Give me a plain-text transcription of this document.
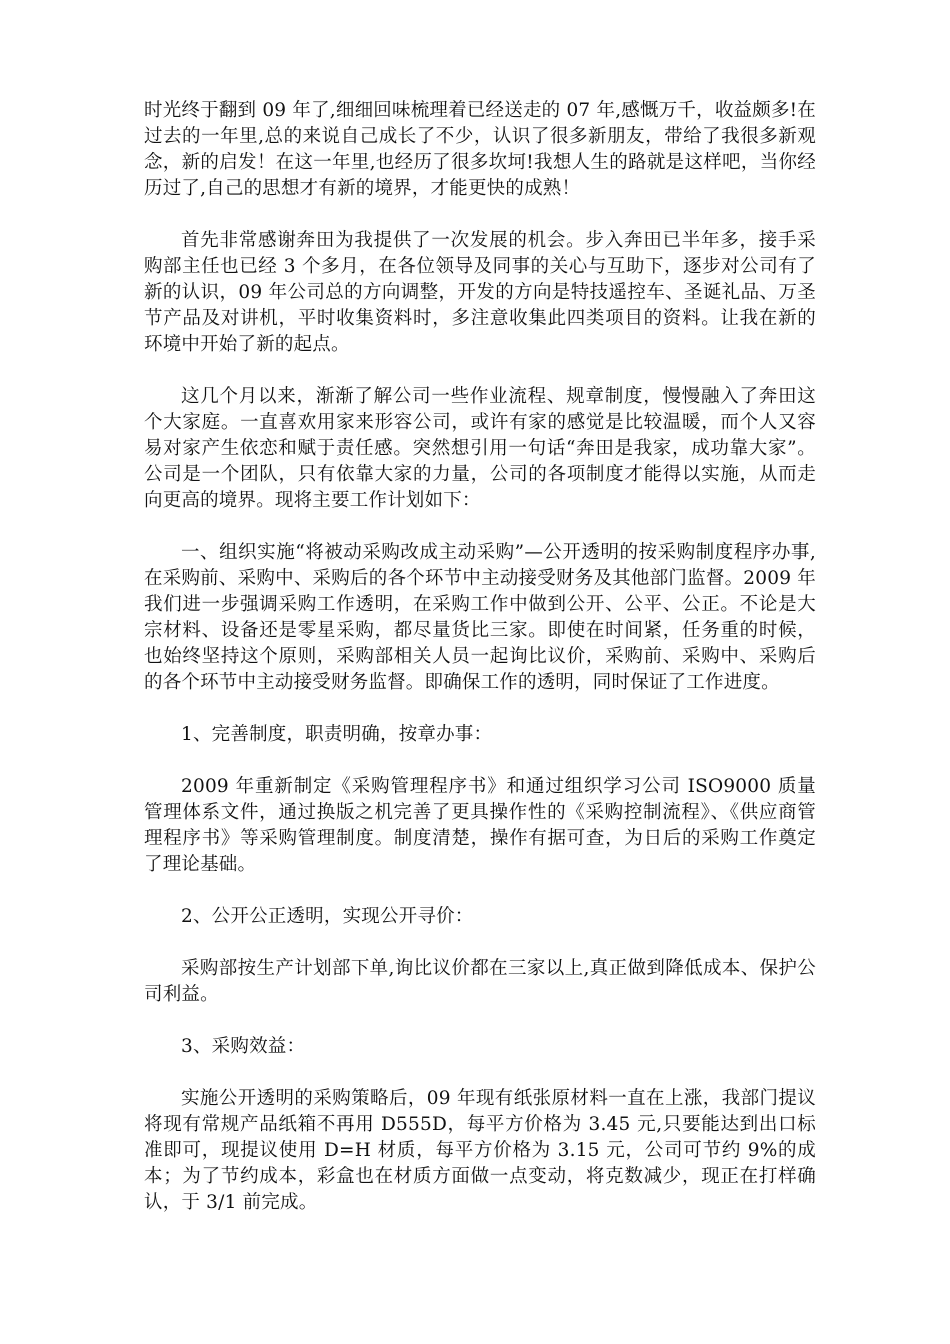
时光终于翻到 09 年了,细细回味梳理着已经送走的 07 年,感慨万千，收益颇多!在过去的一年里,总的来说自己成长了不少，认识了很多新朋友，带给了我很多新观念，新的启发！在这一年里,也经历了很多坎坷!我想人生的路就是这样吧，当你经历过了,自己的思想才有新的境界，才能更快的成熟！

首先非常感谢奔田为我提供了一次发展的机会。步入奔田已半年多，接手采购部主任也已经 3 个多月，在各位领导及同事的关心与互助下，逐步对公司有了新的认识，09 年公司总的方向调整，开发的方向是特技遥控车、圣诞礼品、万圣节产品及对讲机，平时收集资料时，多注意收集此四类项目的资料。让我在新的环境中开始了新的起点。

这几个月以来，渐渐了解公司一些作业流程、规章制度，慢慢融入了奔田这个大家庭。一直喜欢用家来形容公司，或许有家的感觉是比较温暖，而个人又容易对家产生依恋和赋于责任感。突然想引用一句话“奔田是我家，成功靠大家”。公司是一个团队，只有依靠大家的力量，公司的各项制度才能得以实施，从而走向更高的境界。现将主要工作计划如下：

一、组织实施“将被动采购改成主动采购”—公开透明的按采购制度程序办事,在采购前、采购中、采购后的各个环节中主动接受财务及其他部门监督。2009 年我们进一步强调采购工作透明，在采购工作中做到公开、公平、公正。不论是大宗材料、设备还是零星采购，都尽量货比三家。即使在时间紧，任务重的时候，也始终坚持这个原则，采购部相关人员一起询比议价，采购前、采购中、采购后的各个环节中主动接受财务监督。即确保工作的透明，同时保证了工作进度。

1、完善制度，职责明确，按章办事：

2009 年重新制定《采购管理程序书》和通过组织学习公司 ISO9000 质量管理体系文件，通过换版之机完善了更具操作性的《采购控制流程》、《供应商管理程序书》等采购管理制度。制度清楚，操作有据可查，为日后的采购工作奠定了理论基础。

2、公开公正透明，实现公开寻价：

采购部按生产计划部下单,询比议价都在三家以上,真正做到降低成本、保护公司利益。

3、采购效益：

实施公开透明的采购策略后，09 年现有纸张原材料一直在上涨，我部门提议将现有常规产品纸箱不再用 D555D，每平方价格为 3.45 元,只要能达到出口标准即可，现提议使用 D=H 材质，每平方价格为 3.15 元，公司可节约 9%的成本；为了节约成本，彩盒也在材质方面做一点变动，将克数减少，现正在打样确认，于 3/1 前完成。
